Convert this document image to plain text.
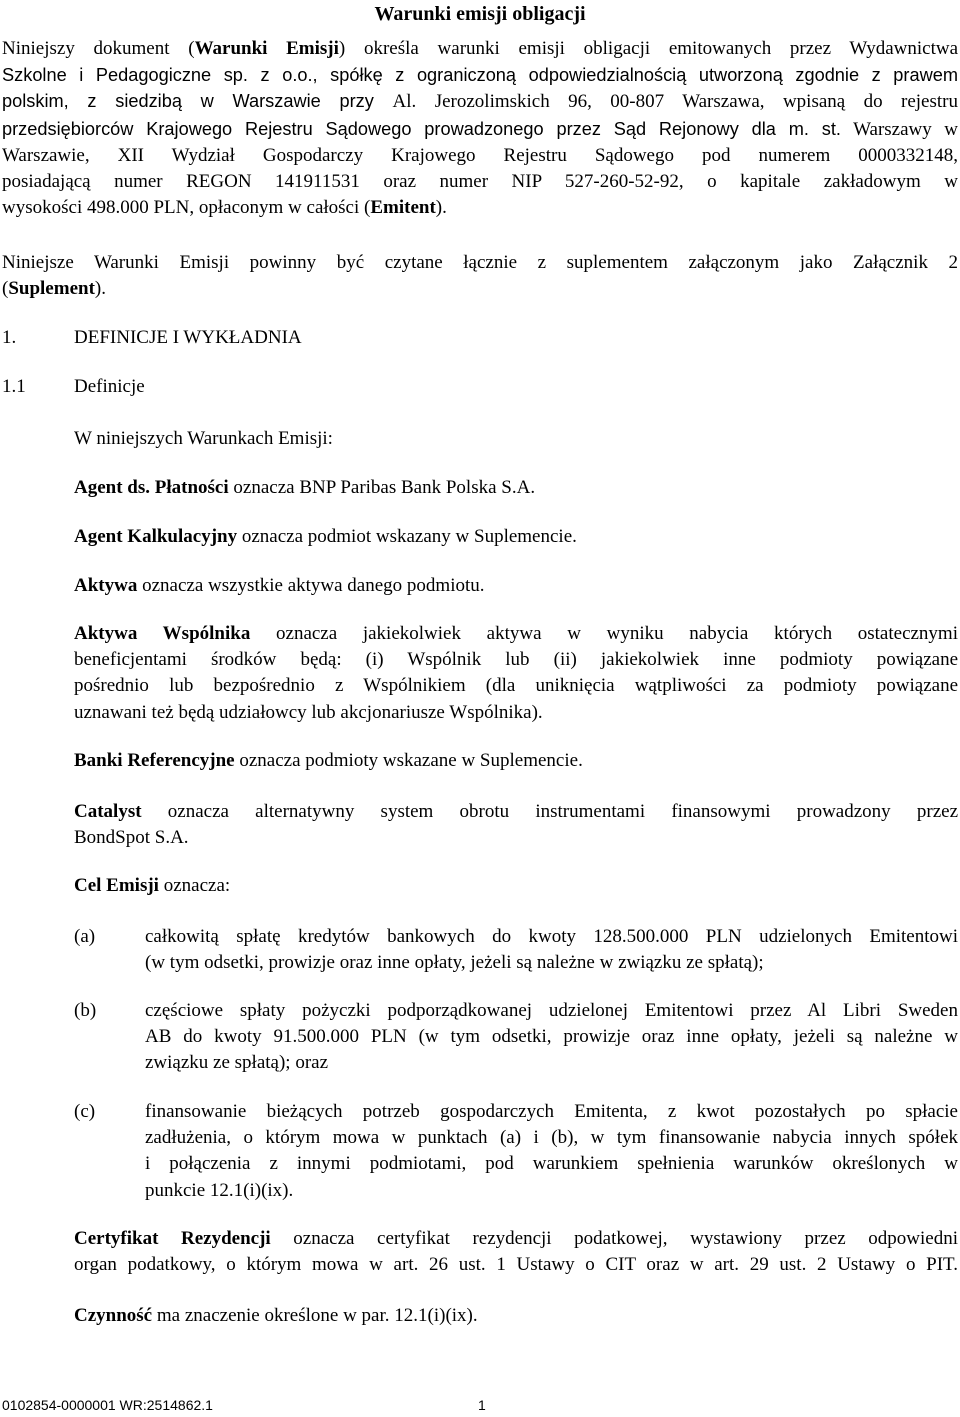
Warunki emisji obligacji
Niniejszy dokument (Warunki Emisji) określa warunki emisji obligacji emitowanych przez Wydawnictwa
Szkolne i Pedagogiczne sp. z o.o., spółkę z ograniczoną odpowiedzialnością utworzoną zgodnie z prawem
polskim, z siedzibą w Warszawie przy Al. Jerozolimskich 96, 00-807 Warszawa, wpisaną do rejestru
przedsiębiorców Krajowego Rejestru Sądowego prowadzonego przez Sąd Rejonowy dla m. st. Warszawy w
Warszawie, XII Wydział Gospodarczy Krajowego Rejestru Sądowego pod numerem 0000332148,
posiadającą numer REGON 141911531 oraz numer NIP 527-260-52-92, o kapitale zakładowym w
wysokości 498.000 PLN, opłaconym w całości (Emitent).
Niniejsze Warunki Emisji powinny być czytane łącznie z suplementem załączonym jako Załącznik 2
(Suplement).
1.	DEFINICJE I WYKŁADNIA
1.1	Definicje

W niniejszych Warunkach Emisji:

Agent ds. Płatności oznacza BNP Paribas Bank Polska S.A.

Agent Kalkulacyjny oznacza podmiot wskazany w Suplemencie.

Aktywa oznacza wszystkie aktywa danego podmiotu.

Aktywa Wspólnika oznacza jakiekolwiek aktywa w wyniku nabycia których ostatecznymi
beneficjentami środków będą: (i) Wspólnik lub (ii) jakiekolwiek inne podmioty powiązane
pośrednio lub bezpośrednio z Wspólnikiem (dla uniknięcia wątpliwości za podmioty powiązane
uznawani też będą udziałowcy lub akcjonariusze Wspólnika).

Banki Referencyjne oznacza podmioty wskazane w Suplemencie.

Catalyst oznacza alternatywny system obrotu instrumentami finansowymi prowadzony przez
BondSpot S.A.

Cel Emisji oznacza:

(a)	całkowitą spłatę kredytów bankowych do kwoty 128.500.000 PLN udzielonych Emitentowi
(w tym odsetki, prowizje oraz inne opłaty, jeżeli są należne w związku ze spłatą);

(b)	częściowe spłaty pożyczki podporządkowanej udzielonej Emitentowi przez Al Libri Sweden
AB do kwoty 91.500.000 PLN (w tym odsetki, prowizje oraz inne opłaty, jeżeli są należne w
związku ze spłatą); oraz

(c)	finansowanie bieżących potrzeb gospodarczych Emitenta, z kwot pozostałych po spłacie
zadłużenia, o którym mowa w punktach (a) i (b), w tym finansowanie nabycia innych spółek
i połączenia z innymi podmiotami, pod warunkiem spełnienia warunków określonych w
punkcie 12.1(i)(ix).
Certyfikat Rezydencji oznacza certyfikat rezydencji podatkowej, wystawiony przez odpowiedni
organ podatkowy, o którym mowa w art. 26 ust. 1 Ustawy o CIT oraz w art. 29 ust. 2 Ustawy o PIT.

Czynność ma znaczenie określone w par. 12.1(i)(ix).

0102854-0000001 WR:2514862.1	1
